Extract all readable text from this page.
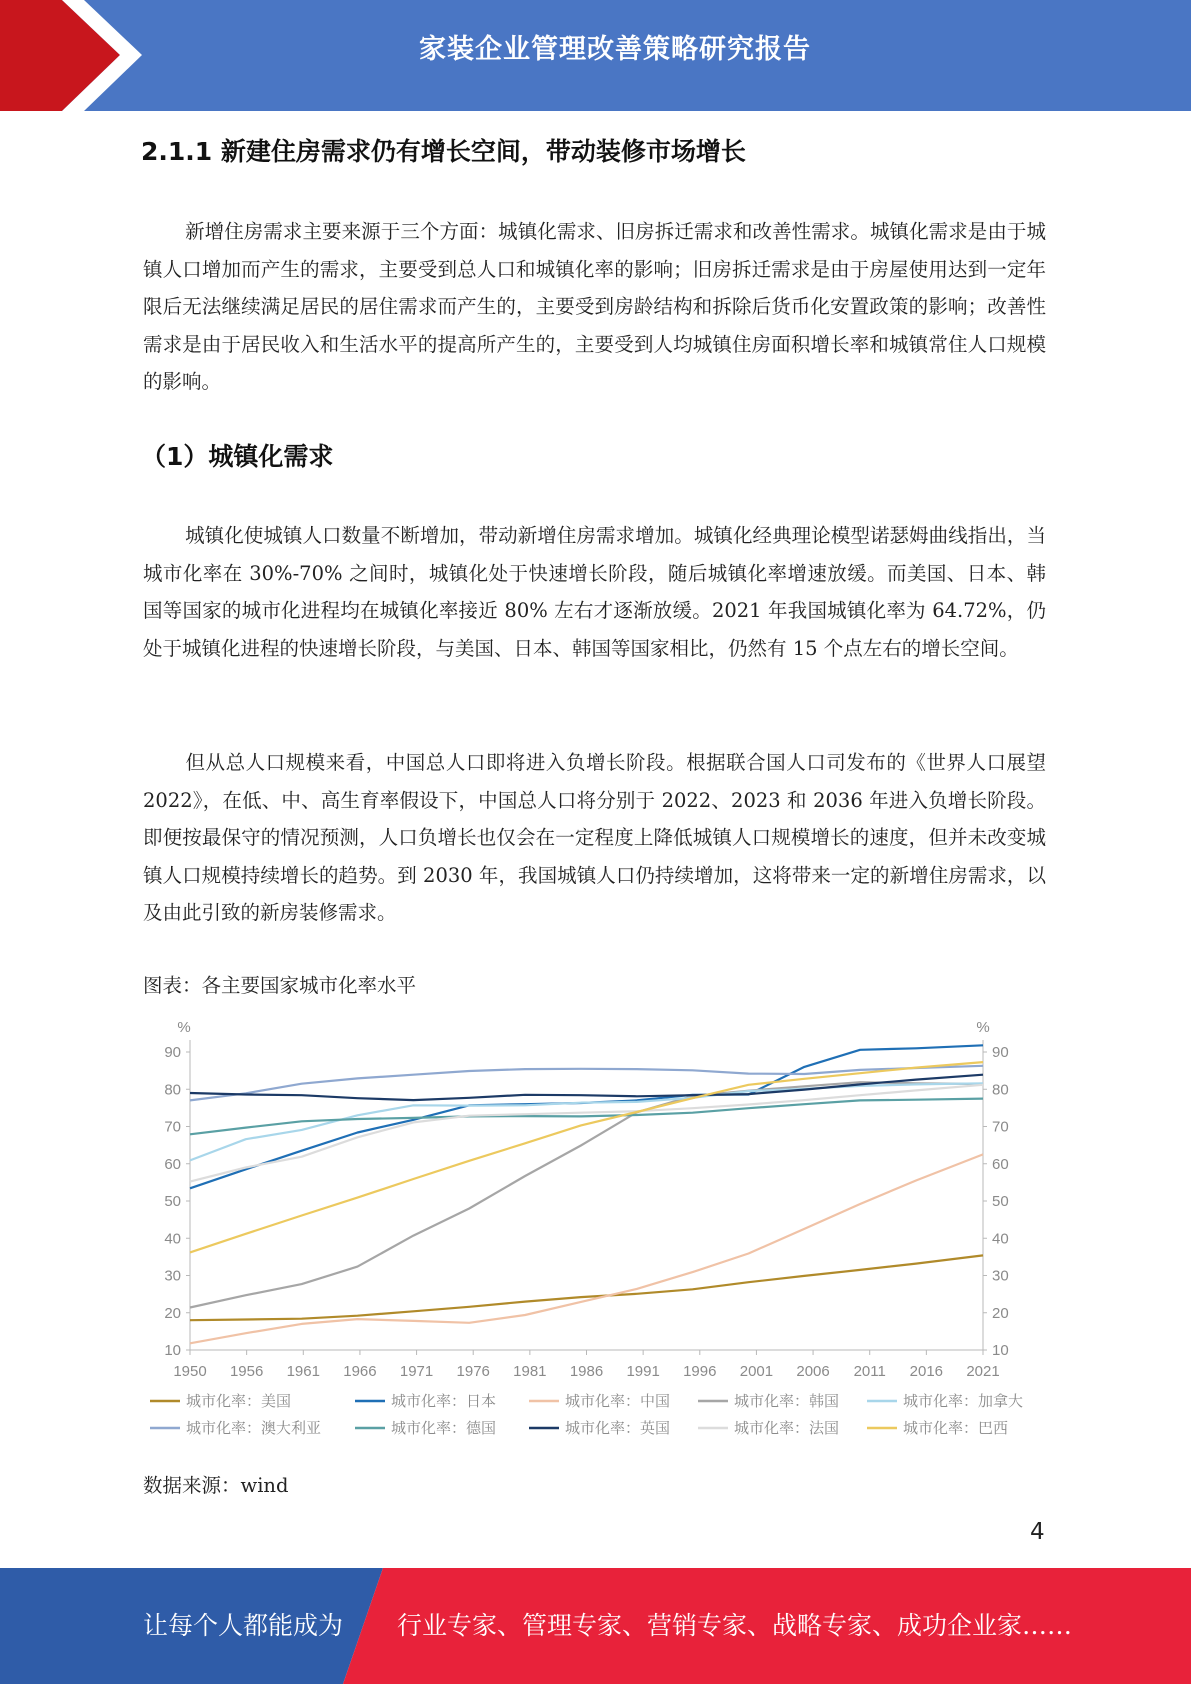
家装企业管理改善策略研究报告
2.1.1 新建住房需求仍有增长空间，带动装修市场增长

新增住房需求主要来源于三个方面：城镇化需求、旧房拆迁需求和改善性需求。城镇化需求是由于城镇人口增加而产生的需求，主要受到总人口和城镇化率的影响；旧房拆迁需求是由于房屋使用达到一定年限后无法继续满足居民的居住需求而产生的，主要受到房龄结构和拆除后货币化安置政策的影响；改善性需求是由于居民收入和生活水平的提高所产生的，主要受到人均城镇住房面积增长率和城镇常住人口规模的影响。

（1）城镇化需求

城镇化使城镇人口数量不断增加，带动新增住房需求增加。城镇化经典理论模型诺瑟姆曲线指出，当城市化率在 30%-70% 之间时，城镇化处于快速增长阶段，随后城镇化率增速放缓。而美国、日本、韩国等国家的城市化进程均在城镇化率接近 80% 左右才逐渐放缓。2021 年我国城镇化率为 64.72%，仍处于城镇化进程的快速增长阶段，与美国、日本、韩国等国家相比，仍然有 15 个点左右的增长空间。

但从总人口规模来看，中国总人口即将进入负增长阶段。根据联合国人口司发布的《世界人口展望 2022》，在低、中、高生育率假设下，中国总人口将分别于 2022、2023 和 2036 年进入负增长阶段。即便按最保守的情况预测，人口负增长也仅会在一定程度上降低城镇人口规模增长的速度，但并未改变城镇人口规模持续增长的趋势。到 2030 年，我国城镇人口仍持续增加，这将带来一定的新增住房需求，以及由此引致的新房装修需求。

图表：各主要国家城市化率水平
%	%
10	10
20	20
30	30
40	40
50	50
60	60
70	70
80	80
90	90
1950 1956 1961 1966 1971 1976 1981 1986 1991 1996 2001 2006 2011 2016 2021
城市化率：美国	城市化率：日本	城市化率：中国	城市化率：韩国	城市化率：加拿大
城市化率：澳大利亚	城市化率：德国	城市化率：英国	城市化率：法国	城市化率：巴西
数据来源：wind
4
让每个人都能成为 行业专家、管理专家、营销专家、战略专家、成功企业家……
